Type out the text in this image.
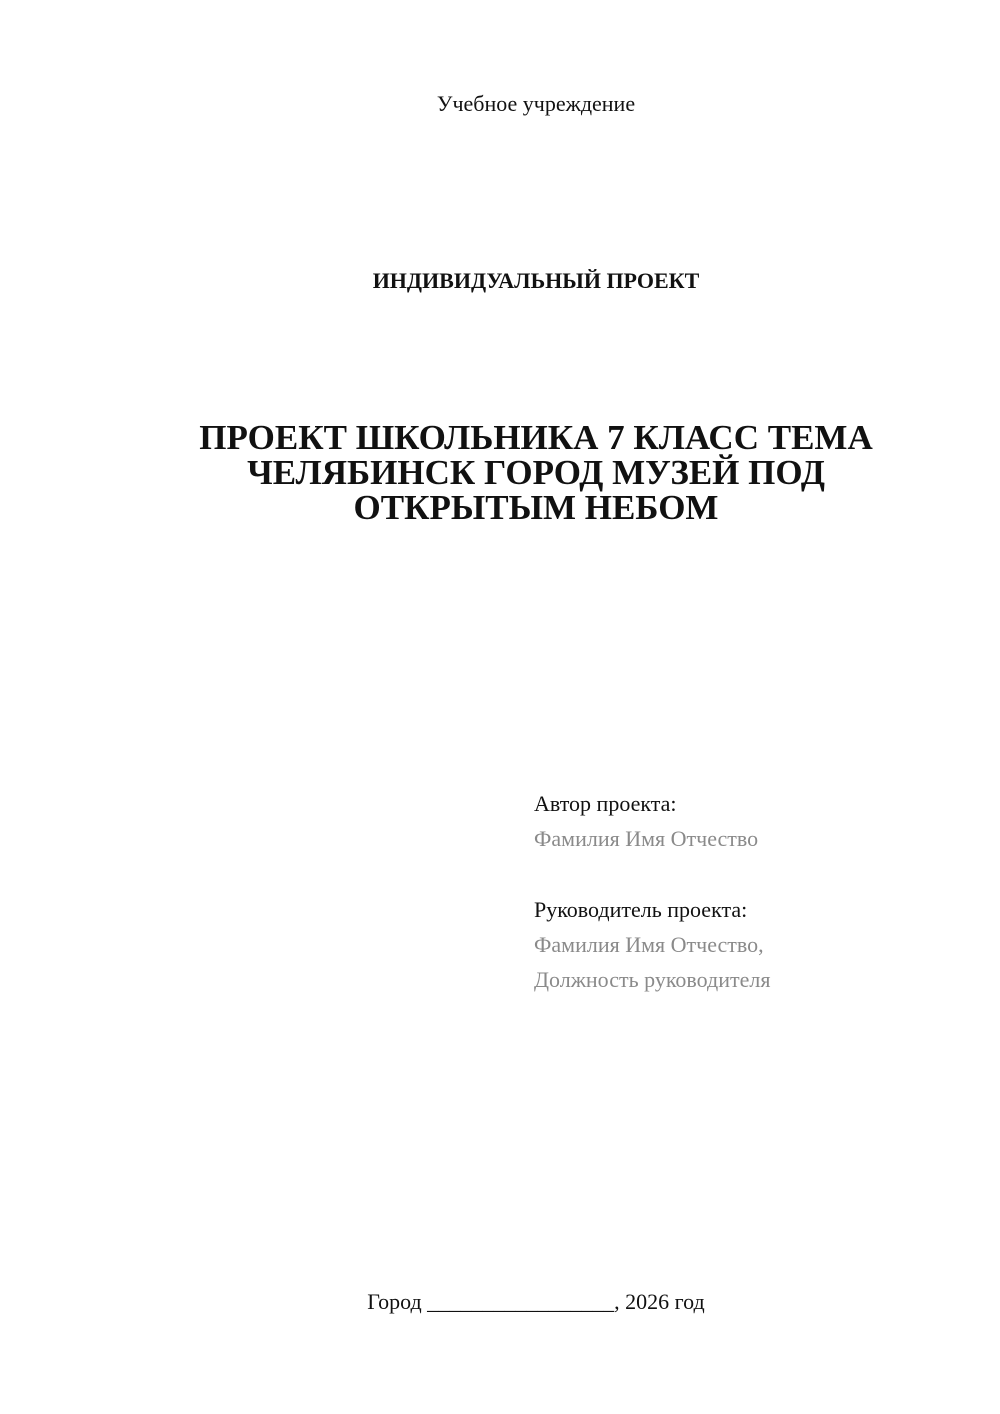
Учебное учреждение
ИНДИВИДУАЛЬНЫЙ ПРОЕКТ
ПРОЕКТ ШКОЛЬНИКА 7 КЛАСС ТЕМА
ЧЕЛЯБИНСК ГОРОД МУЗЕЙ ПОД
ОТКРЫТЫМ НЕБОМ
Автор проекта:
Фамилия Имя Отчество
Руководитель проекта:
Фамилия Имя Отчество,
Должность руководителя
Город _________________, 2026 год
